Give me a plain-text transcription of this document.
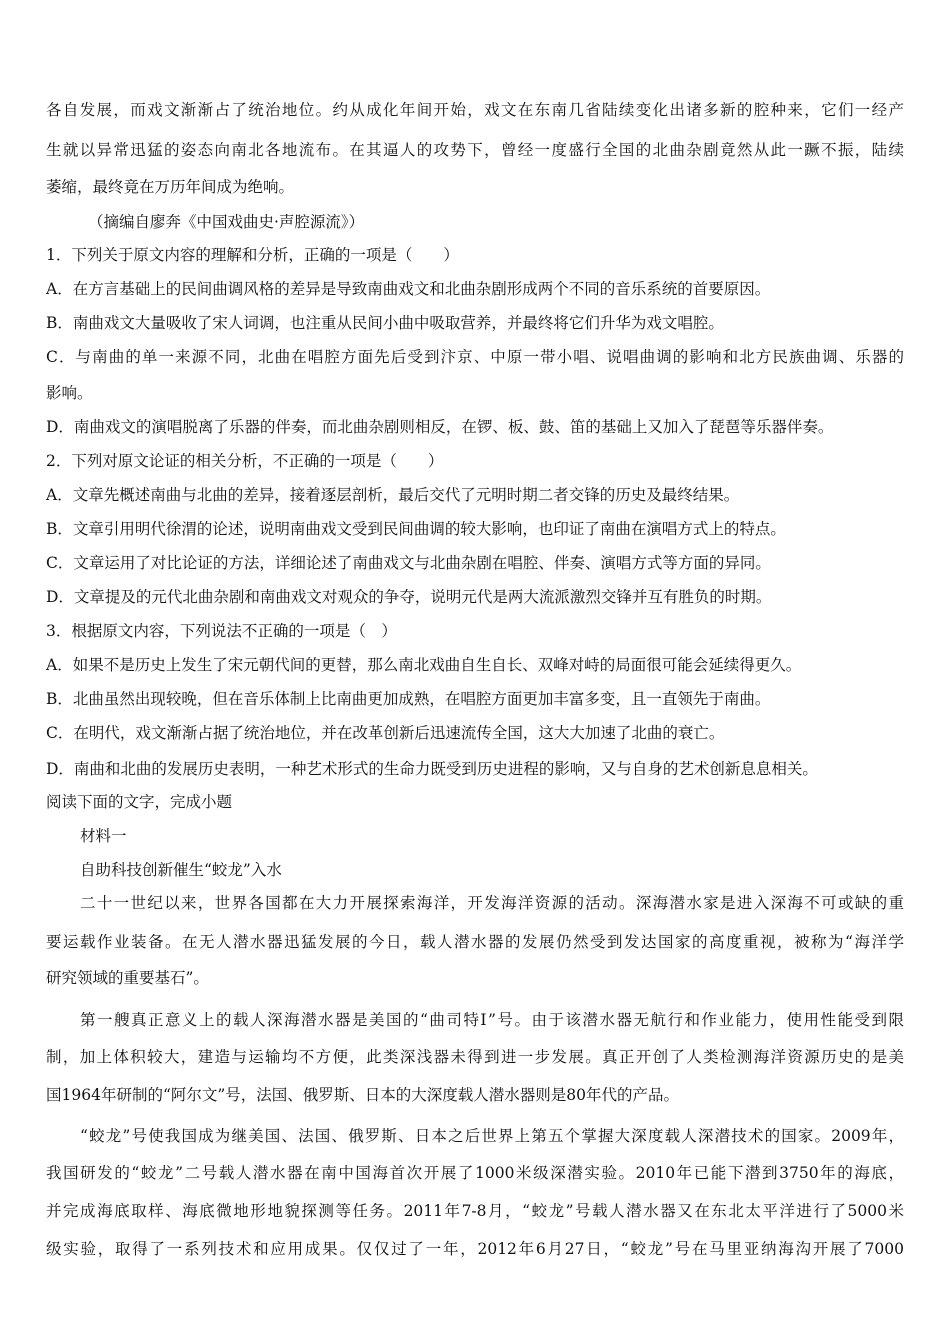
各自发展，而戏文渐渐占了统治地位。约从成化年间开始，戏文在东南几省陆续变化出诸多新的腔种来，它们一经产
生就以异常迅猛的姿态向南北各地流布。在其逼人的攻势下，曾经一度盛行全国的北曲杂剧竟然从此一蹶不振，陆续
萎缩，最终竟在万历年间成为绝响。
（摘编自廖奔《中国戏曲史·声腔源流》）
1．下列关于原文内容的理解和分析，正确的一项是（　　）
A．在方言基础上的民间曲调风格的差异是导致南曲戏文和北曲杂剧形成两个不同的音乐系统的首要原因。
B．南曲戏文大量吸收了宋人词调，也注重从民间小曲中吸取营养，并最终将它们升华为戏文唱腔。
C．与南曲的单一来源不同，北曲在唱腔方面先后受到汴京、中原一带小唱、说唱曲调的影响和北方民族曲调、乐器的
影响。
D．南曲戏文的演唱脱离了乐器的伴奏，而北曲杂剧则相反，在锣、板、鼓、笛的基础上又加入了琵琶等乐器伴奏。
2．下列对原文论证的相关分析，不正确的一项是（　　）
A．文章先概述南曲与北曲的差异，接着逐层剖析，最后交代了元明时期二者交锋的历史及最终结果。
B．文章引用明代徐渭的论述，说明南曲戏文受到民间曲调的较大影响，也印证了南曲在演唱方式上的特点。
C．文章运用了对比论证的方法，详细论述了南曲戏文与北曲杂剧在唱腔、伴奏、演唱方式等方面的异同。
D．文章提及的元代北曲杂剧和南曲戏文对观众的争夺，说明元代是两大流派激烈交锋并互有胜负的时期。
3．根据原文内容，下列说法不正确的一项是（　）
A．如果不是历史上发生了宋元朝代间的更替，那么南北戏曲自生自长、双峰对峙的局面很可能会延续得更久。
B．北曲虽然出现较晚，但在音乐体制上比南曲更加成熟，在唱腔方面更加丰富多变，且一直领先于南曲。
C．在明代，戏文渐渐占据了统治地位，并在改革创新后迅速流传全国，这大大加速了北曲的衰亡。
D．南曲和北曲的发展历史表明，一种艺术形式的生命力既受到历史进程的影响，又与自身的艺术创新息息相关。
阅读下面的文字，完成小题
材料一
自助科技创新催生“蛟龙”入水
二十一世纪以来，世界各国都在大力开展探索海洋，开发海洋资源的活动。深海潜水家是进入深海不可或缺的重
要运载作业装备。在无人潜水器迅猛发展的今日，载人潜水器的发展仍然受到发达国家的高度重视，被称为“海洋学
研究领域的重要基石”。
第一艘真正意义上的载人深海潜水器是美国的“曲司特Ⅰ”号。由于该潜水器无航行和作业能力，使用性能受到限
制，加上体积较大，建造与运输均不方便，此类深浅器未得到进一步发展。真正开创了人类检测海洋资源历史的是美
国1964年研制的“阿尔文”号，法国、俄罗斯、日本的大深度载人潜水器则是80年代的产品。
“蛟龙”号使我国成为继美国、法国、俄罗斯、日本之后世界上第五个掌握大深度载人深潜技术的国家。2009年，
我国研发的“蛟龙”二号载人潜水器在南中国海首次开展了1000米级深潜实验。2010年已能下潜到3750年的海底，
并完成海底取样、海底微地形地貌探测等任务。2011年7-8月，“蛟龙”号载人潜水器又在东北太平洋进行了5000米
级实验，取得了一系列技术和应用成果。仅仅过了一年，2012年6月27日，“蛟龙”号在马里亚纳海沟开展了7000
